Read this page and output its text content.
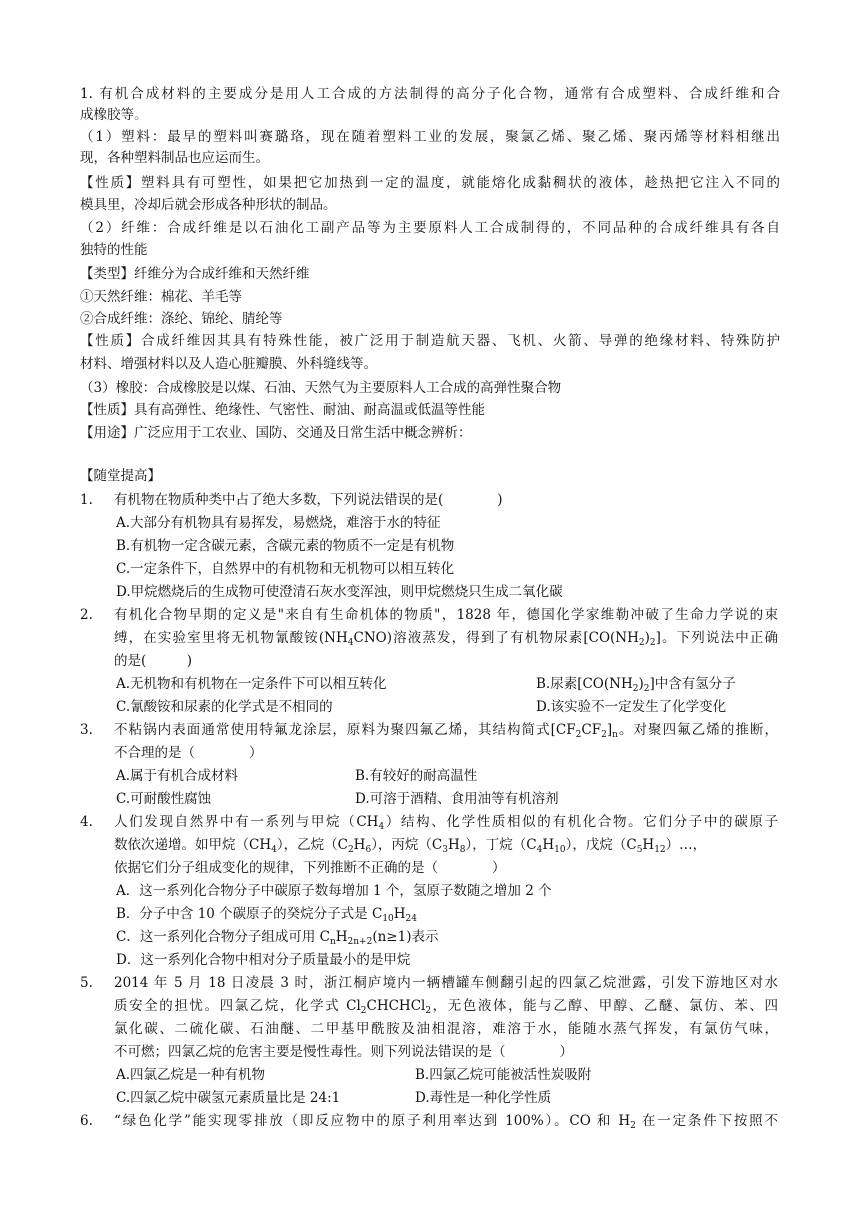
1. 有机合成材料的主要成分是用人工合成的方法制得的高分子化合物，通常有合成塑料、合成纤维和合
成橡胶等。
（1）塑料：最早的塑料叫赛璐珞，现在随着塑料工业的发展，聚氯乙烯、聚乙烯、聚丙烯等材料相继出
现，各种塑料制品也应运而生。
【性质】塑料具有可塑性，如果把它加热到一定的温度，就能熔化成黏稠状的液体，趁热把它注入不同的
模具里，冷却后就会形成各种形状的制品。
（2）纤维：合成纤维是以石油化工副产品等为主要原料人工合成制得的，不同品种的合成纤维具有各自
独特的性能
【类型】纤维分为合成纤维和天然纤维
①天然纤维：棉花、羊毛等
②合成纤维：涤纶、锦纶、腈纶等
【性质】合成纤维因其具有特殊性能，被广泛用于制造航天器、飞机、火箭、导弹的绝缘材料、特殊防护
材料、增强材料以及人造心脏瓣膜、外科缝线等。
（3）橡胶：合成橡胶是以煤、石油、天然气为主要原料人工合成的高弹性聚合物
【性质】具有高弹性、绝缘性、气密性、耐油、耐高温或低温等性能
【用途】广泛应用于工农业、国防、交通及日常生活中概念辨析：
【随堂提高】
1. 有机物在物质种类中占了绝大多数，下列说法错误的是(　　　　)
A.大部分有机物具有易挥发，易燃烧，难溶于水的特征
B.有机物一定含碳元素，含碳元素的物质不一定是有机物
C.一定条件下，自然界中的有机物和无机物可以相互转化
D.甲烷燃烧后的生成物可使澄清石灰水变浑浊，则甲烷燃烧只生成二氧化碳
2. 有机化合物早期的定义是"来自有生命机体的物质"，1828 年，德国化学家维勒冲破了生命力学说的束
缚，在实验室里将无机物氰酸铵$(NH_4CNO)$溶液蒸发，得到了有机物尿素$[CO(NH_2)_2]$。下列说法中正确
的是(　　　)
A.无机物和有机物在一定条件下可以相互转化	B.尿素$[CO(NH_2)_2]$中含有氢分子
C.氰酸铵和尿素的化学式是不相同的	D.该实验不一定发生了化学变化
3. 不粘锅内表面通常使用特氟龙涂层，原料为聚四氟乙烯，其结构简式$[CF_2CF_2]_n$。对聚四氟乙烯的推断，
不合理的是（　　　　）
A.属于有机合成材料	B.有较好的耐高温性
C.可耐酸性腐蚀	D.可溶于酒精、食用油等有机溶剂
4. 人们发现自然界中有一系列与甲烷$(CH_4)$结构、化学性质相似的有机化合物。它们分子中的碳原子
数依次递增。如甲烷$(CH_4)$，乙烷$(C_2H_6)$，丙烷$(C_3H_8)$，丁烷$(C_4H_{10})$，戊烷$(C_5H_{12})\dots$，
依据它们分子组成变化的规律，下列推断不正确的是（　　　　）
A．这一系列化合物分子中碳原子数每增加 1 个，氢原子数随之增加 2 个
B．分子中含 10 个碳原子的癸烷分子式是 $C_{10}H_{24}$
C．这一系列化合物分子组成可用 $C_nH_{2n+2}(n\ge 1)$表示
D．这一系列化合物中相对分子质量最小的是甲烷
5. 2014 年 5 月 18 日凌晨 3 时，浙江桐庐境内一辆槽罐车侧翻引起的四氯乙烷泄露，引发下游地区对水
质安全的担忧。四氯乙烷，化学式 $Cl_2CHCHCl_2$，无色液体，能与乙醇、甲醇、乙醚、氯仿、苯、四
氯化碳、二硫化碳、石油醚、二甲基甲酰胺及油相混溶，难溶于水，能随水蒸气挥发，有氯仿气味，
不可燃；四氯乙烷的危害主要是慢性毒性。则下列说法错误的是（　　　　）
A.四氯乙烷是一种有机物	B.四氯乙烷可能被活性炭吸附
C.四氯乙烷中碳氢元素质量比是 24:1	D.毒性是一种化学性质
6. “绿色化学”能实现零排放（即反应物中的原子利用率达到 100%）。CO 和 $H_2$ 在一定条件下按照不
